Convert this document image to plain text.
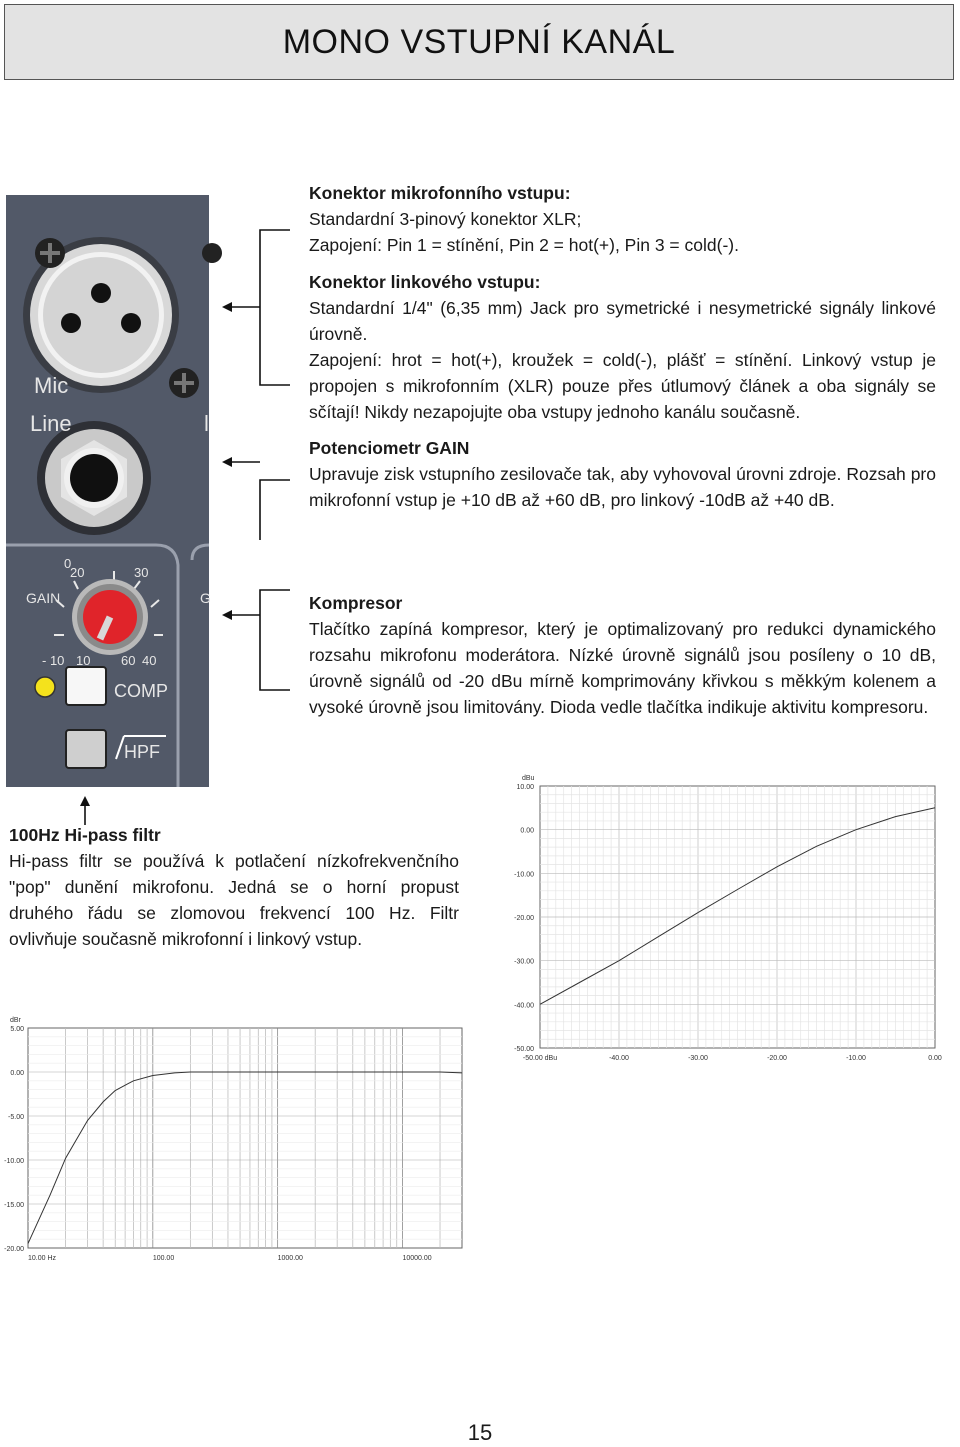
MONO VSTUPNÍ KANÁL
Mic
Line	l
0
20	30
GAIN	G
- 10 10 60 40
COMP
HPF

Konektor mikrofonního vstupu:

Standardní 3-pinový konektor XLR;

Zapojení: Pin 1 = stínění, Pin 2 = hot(+), Pin 3 = cold(-).

Konektor linkového vstupu:

Standardní 1/4" (6,35 mm) Jack pro symetrické i nesymetrické signály linkové úrovně.

Zapojení: hrot = hot(+), kroužek = cold(-), plášť = stínění. Linkový vstup je propojen s mikrofonním (XLR) pouze přes útlumový článek a oba signály se sčítají! Nikdy nezapojujte oba vstupy jednoho kanálu současně.

Potenciometr GAIN

Upravuje zisk vstupního zesilovače tak, aby vyhovoval úrovni zdroje. Rozsah pro mikrofonní vstup je +10 dB až +60 dB, pro linkový -10dB až +40 dB.

Kompresor

Tlačítko zapíná kompresor, který je optimalizovaný pro redukci dynamického rozsahu mikrofonu moderátora. Nízké úrovně signálů jsou posíleny o 10 dB, úrovně signálů od -20 dBu mírně komprimovány křivkou s měkkým kolenem a vysoké úrovně jsou limitovány. Dioda vedle tlačítka indikuje aktivitu kompresoru.

100Hz Hi-pass filtr

Hi-pass filtr se používá k potlačení nízkofrekvenčního "pop" dunění mikrofonu. Jedná se o horní propust druhého řádu se zlomovou frekvencí 100 Hz. Filtr ovlivňuje současně mikrofonní i linkový vstup.

10.00
0.00
-10.00
-20.00
-30.00
-40.00
-50.00
-50.00 dBu	-40.00	-30.00	-20.00	-10.00	0.00
dBu
5.00
0.00
-5.00
-10.00
-15.00
-20.00
10.00 Hz	100.00	1000.00	10000.00
dBr
15
